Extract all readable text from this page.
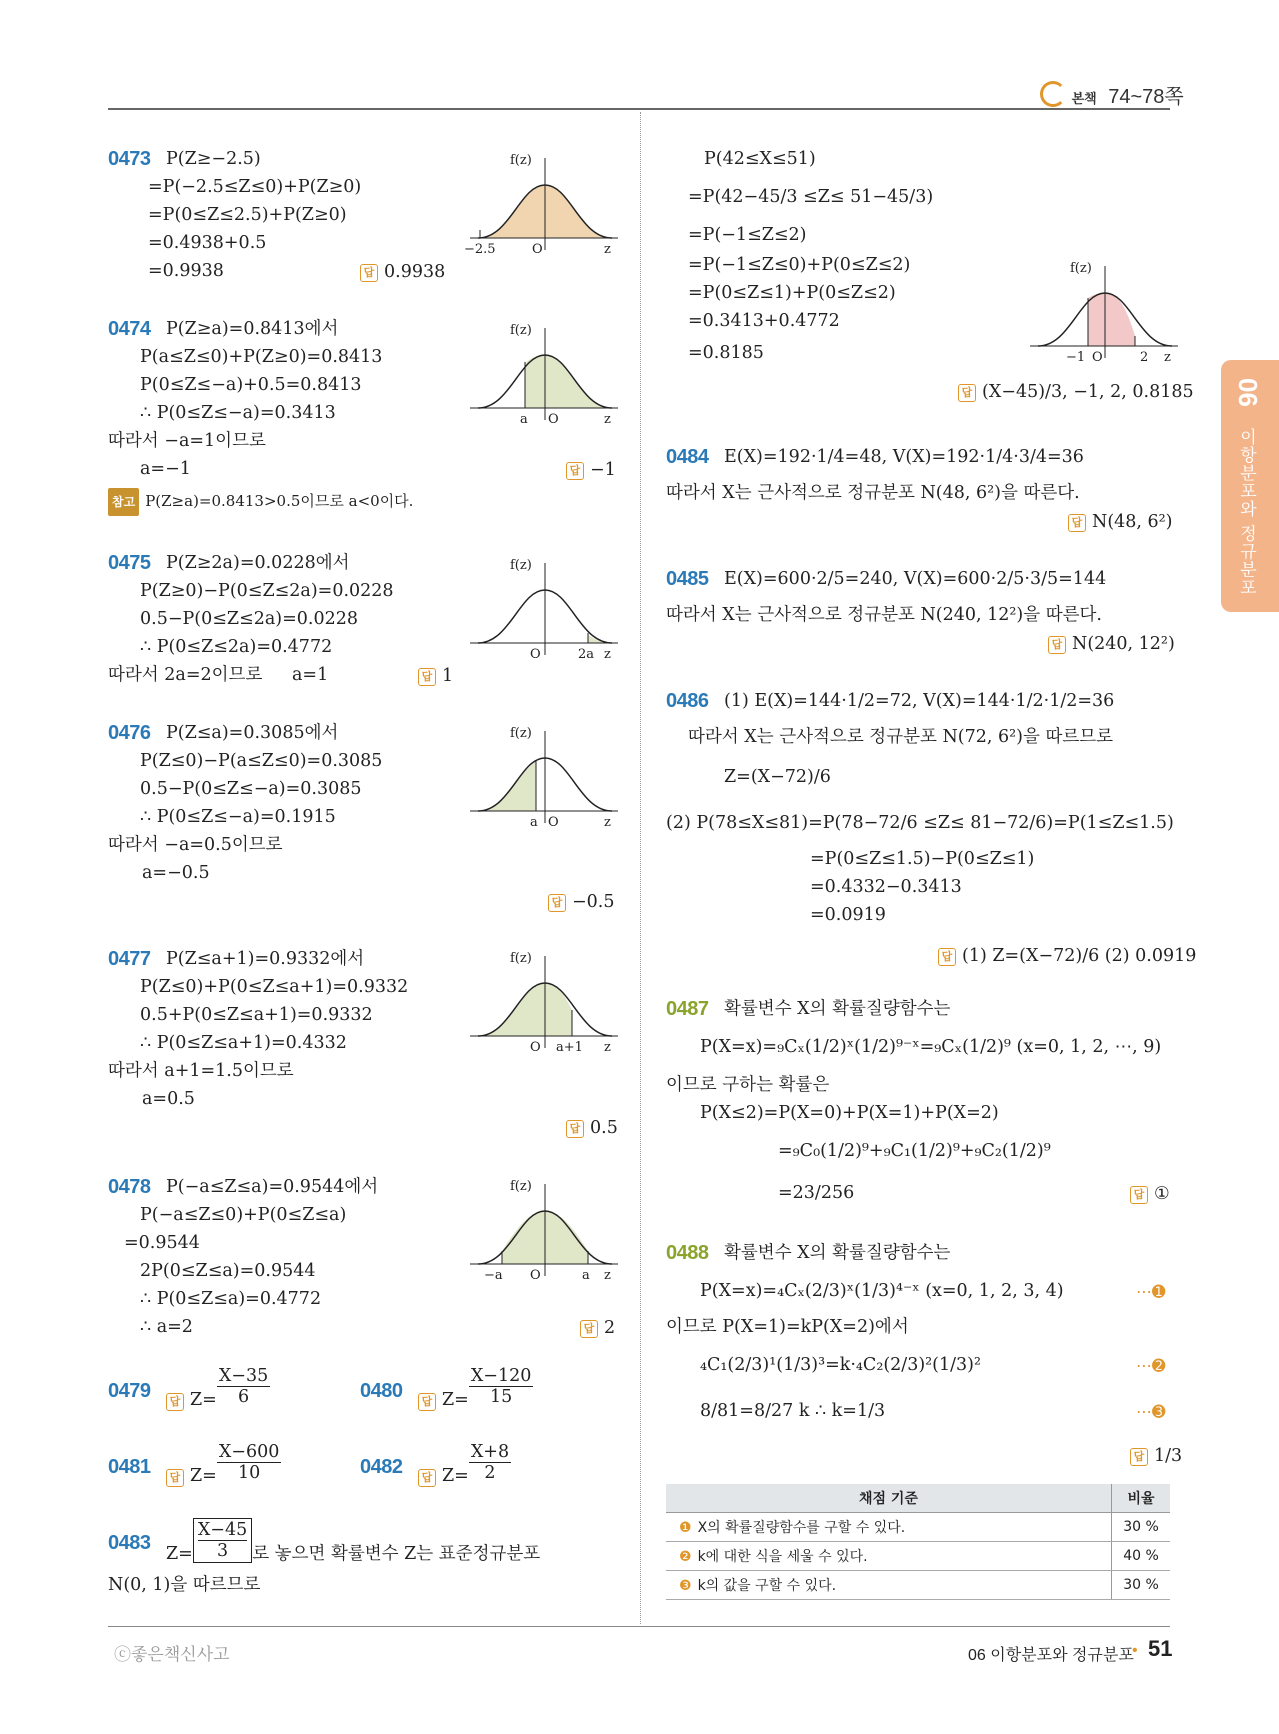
본책 74~78쪽
06
이항분포와 정규분포
0473 P(Z≥−2.5)
=P(−2.5≤Z≤0)+P(Z≥0)
=P(0≤Z≤2.5)+P(Z≥0)
=0.4938+0.5
=0.9938	답 0.9938
f(z)
−2.5	O	z
0474 P(Z≥a)=0.8413에서
P(a≤Z≤0)+P(Z≥0)=0.8413
P(0≤Z≤−a)+0.5=0.8413
∴ P(0≤Z≤−a)=0.3413
따라서 −a=1이므로
a=−1	답 −1
참고 P(Z≥a)=0.8413>0.5이므로 a<0이다.
f(z)
a O	z
0475 P(Z≥2a)=0.0228에서
P(Z≥0)−P(0≤Z≤2a)=0.0228
0.5−P(0≤Z≤2a)=0.0228
∴ P(0≤Z≤2a)=0.4772
따라서 2a=2이므로 a=1	답 1
f(z)
O	2a z
0476 P(Z≤a)=0.3085에서
P(Z≤0)−P(a≤Z≤0)=0.3085
0.5−P(0≤Z≤−a)=0.3085
∴ P(0≤Z≤−a)=0.1915
따라서 −a=0.5이므로
a=−0.5
답 −0.5
f(z)
a O	z
0477 P(Z≤a+1)=0.9332에서
P(Z≤0)+P(0≤Z≤a+1)=0.9332
0.5+P(0≤Z≤a+1)=0.9332
∴ P(0≤Z≤a+1)=0.4332
따라서 a+1=1.5이므로
a=0.5
답 0.5
f(z)
O a+1 z
0478 P(−a≤Z≤a)=0.9544에서
P(−a≤Z≤0)+P(0≤Z≤a)
=0.9544
2P(0≤Z≤a)=0.9544
∴ P(0≤Z≤a)=0.4772
∴ a=2	답 2
f(z)
−a O	a z
0479	답 $Z= \frac{X-35}{6}$	0480	답 $Z= \frac{X-120}{15}$
0481	답 $Z= \frac{X-600}{10}$	0482	답 $Z= \frac{X+8}{2}$
0483 $Z= \frac{X-45}{3}$ 로 놓으면 확률변수 Z는 표준정규분포
N(0, 1)을 따르므로
P(42≤X≤51)
=P(42−45/3 ≤Z≤ 51−45/3)
=P(−1≤Z≤2)
=P(−1≤Z≤0)+P(0≤Z≤2)
=P(0≤Z≤1)+P(0≤Z≤2)
=0.3413+0.4772
=0.8185
답 (X−45)/3, −1, 2, 0.8185
f(z)
−1 O	2 z
0484 E(X)=192·1/4=48, V(X)=192·1/4·3/4=36
따라서 X는 근사적으로 정규분포 N(48, 6²)을 따른다.
답 N(48, 6²)
0485 E(X)=600·2/5=240, V(X)=600·2/5·3/5=144
따라서 X는 근사적으로 정규분포 N(240, 12²)을 따른다.
답 N(240, 12²)
0486 (1) E(X)=144·1/2=72, V(X)=144·1/2·1/2=36
따라서 X는 근사적으로 정규분포 N(72, 6²)을 따르므로
Z=(X−72)/6
(2) P(78≤X≤81)=P(78−72/6 ≤Z≤ 81−72/6)=P(1≤Z≤1.5)
=P(0≤Z≤1.5)−P(0≤Z≤1)
=0.4332−0.3413
=0.0919
답 (1) Z=(X−72)/6 (2) 0.0919
0487 확률변수 X의 확률질량함수는
P(X=x)=₉Cₓ(1/2)ˣ(1/2)⁹⁻ˣ=₉Cₓ(1/2)⁹ (x=0, 1, 2, ⋯, 9)
이므로 구하는 확률은
P(X≤2)=P(X=0)+P(X=1)+P(X=2)
=₉C₀(1/2)⁹+₉C₁(1/2)⁹+₉C₂(1/2)⁹
=23/256	답 ①
0488 확률변수 X의 확률질량함수는
P(X=x)=₄Cₓ(2/3)ˣ(1/3)⁴⁻ˣ (x=0, 1, 2, 3, 4)	⋯➊
이므로 P(X=1)=kP(X=2)에서
₄C₁(2/3)¹(1/3)³=k·₄C₂(2/3)²(1/3)²	⋯➋
8/81=8/27 k ∴ k=1/3	⋯➌
답 1/3
채점 기준	비율
❶ X의 확률질량함수를 구할 수 있다.	30 %
❷ k에 대한 식을 세울 수 있다.	40 %
❸ k의 값을 구할 수 있다.	30 %
ⓒ좋은책신사고	06 이항분포와 정규분포
• 51
